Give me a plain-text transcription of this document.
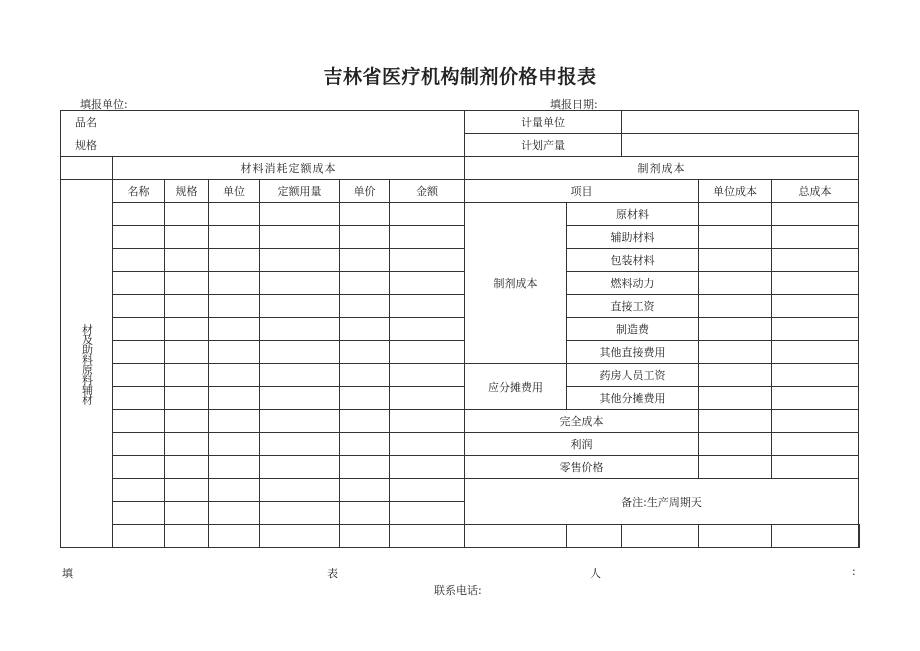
吉林省医疗机构制剂价格申报表
填报单位:	填报日期:
品名							计量单位					
规格							计划产量					
	材料消耗定额成本						制剂成本					

材及助料原料辅材	名称	规格	单位	定额用量	单价	金额	项目			单位成本	总成本	
							制剂成本	原材料				
								辅助材料				
								包装材料				
								燃料动力				
								直接工资				
								制造费				
								其他直接费用				
							应分摊费用	药房人员工资				
								其他分摊费用				
							完全成本					
							利润					
							零售价格					
							备注:生产周期天					

填	表	人	:
联系电话:
